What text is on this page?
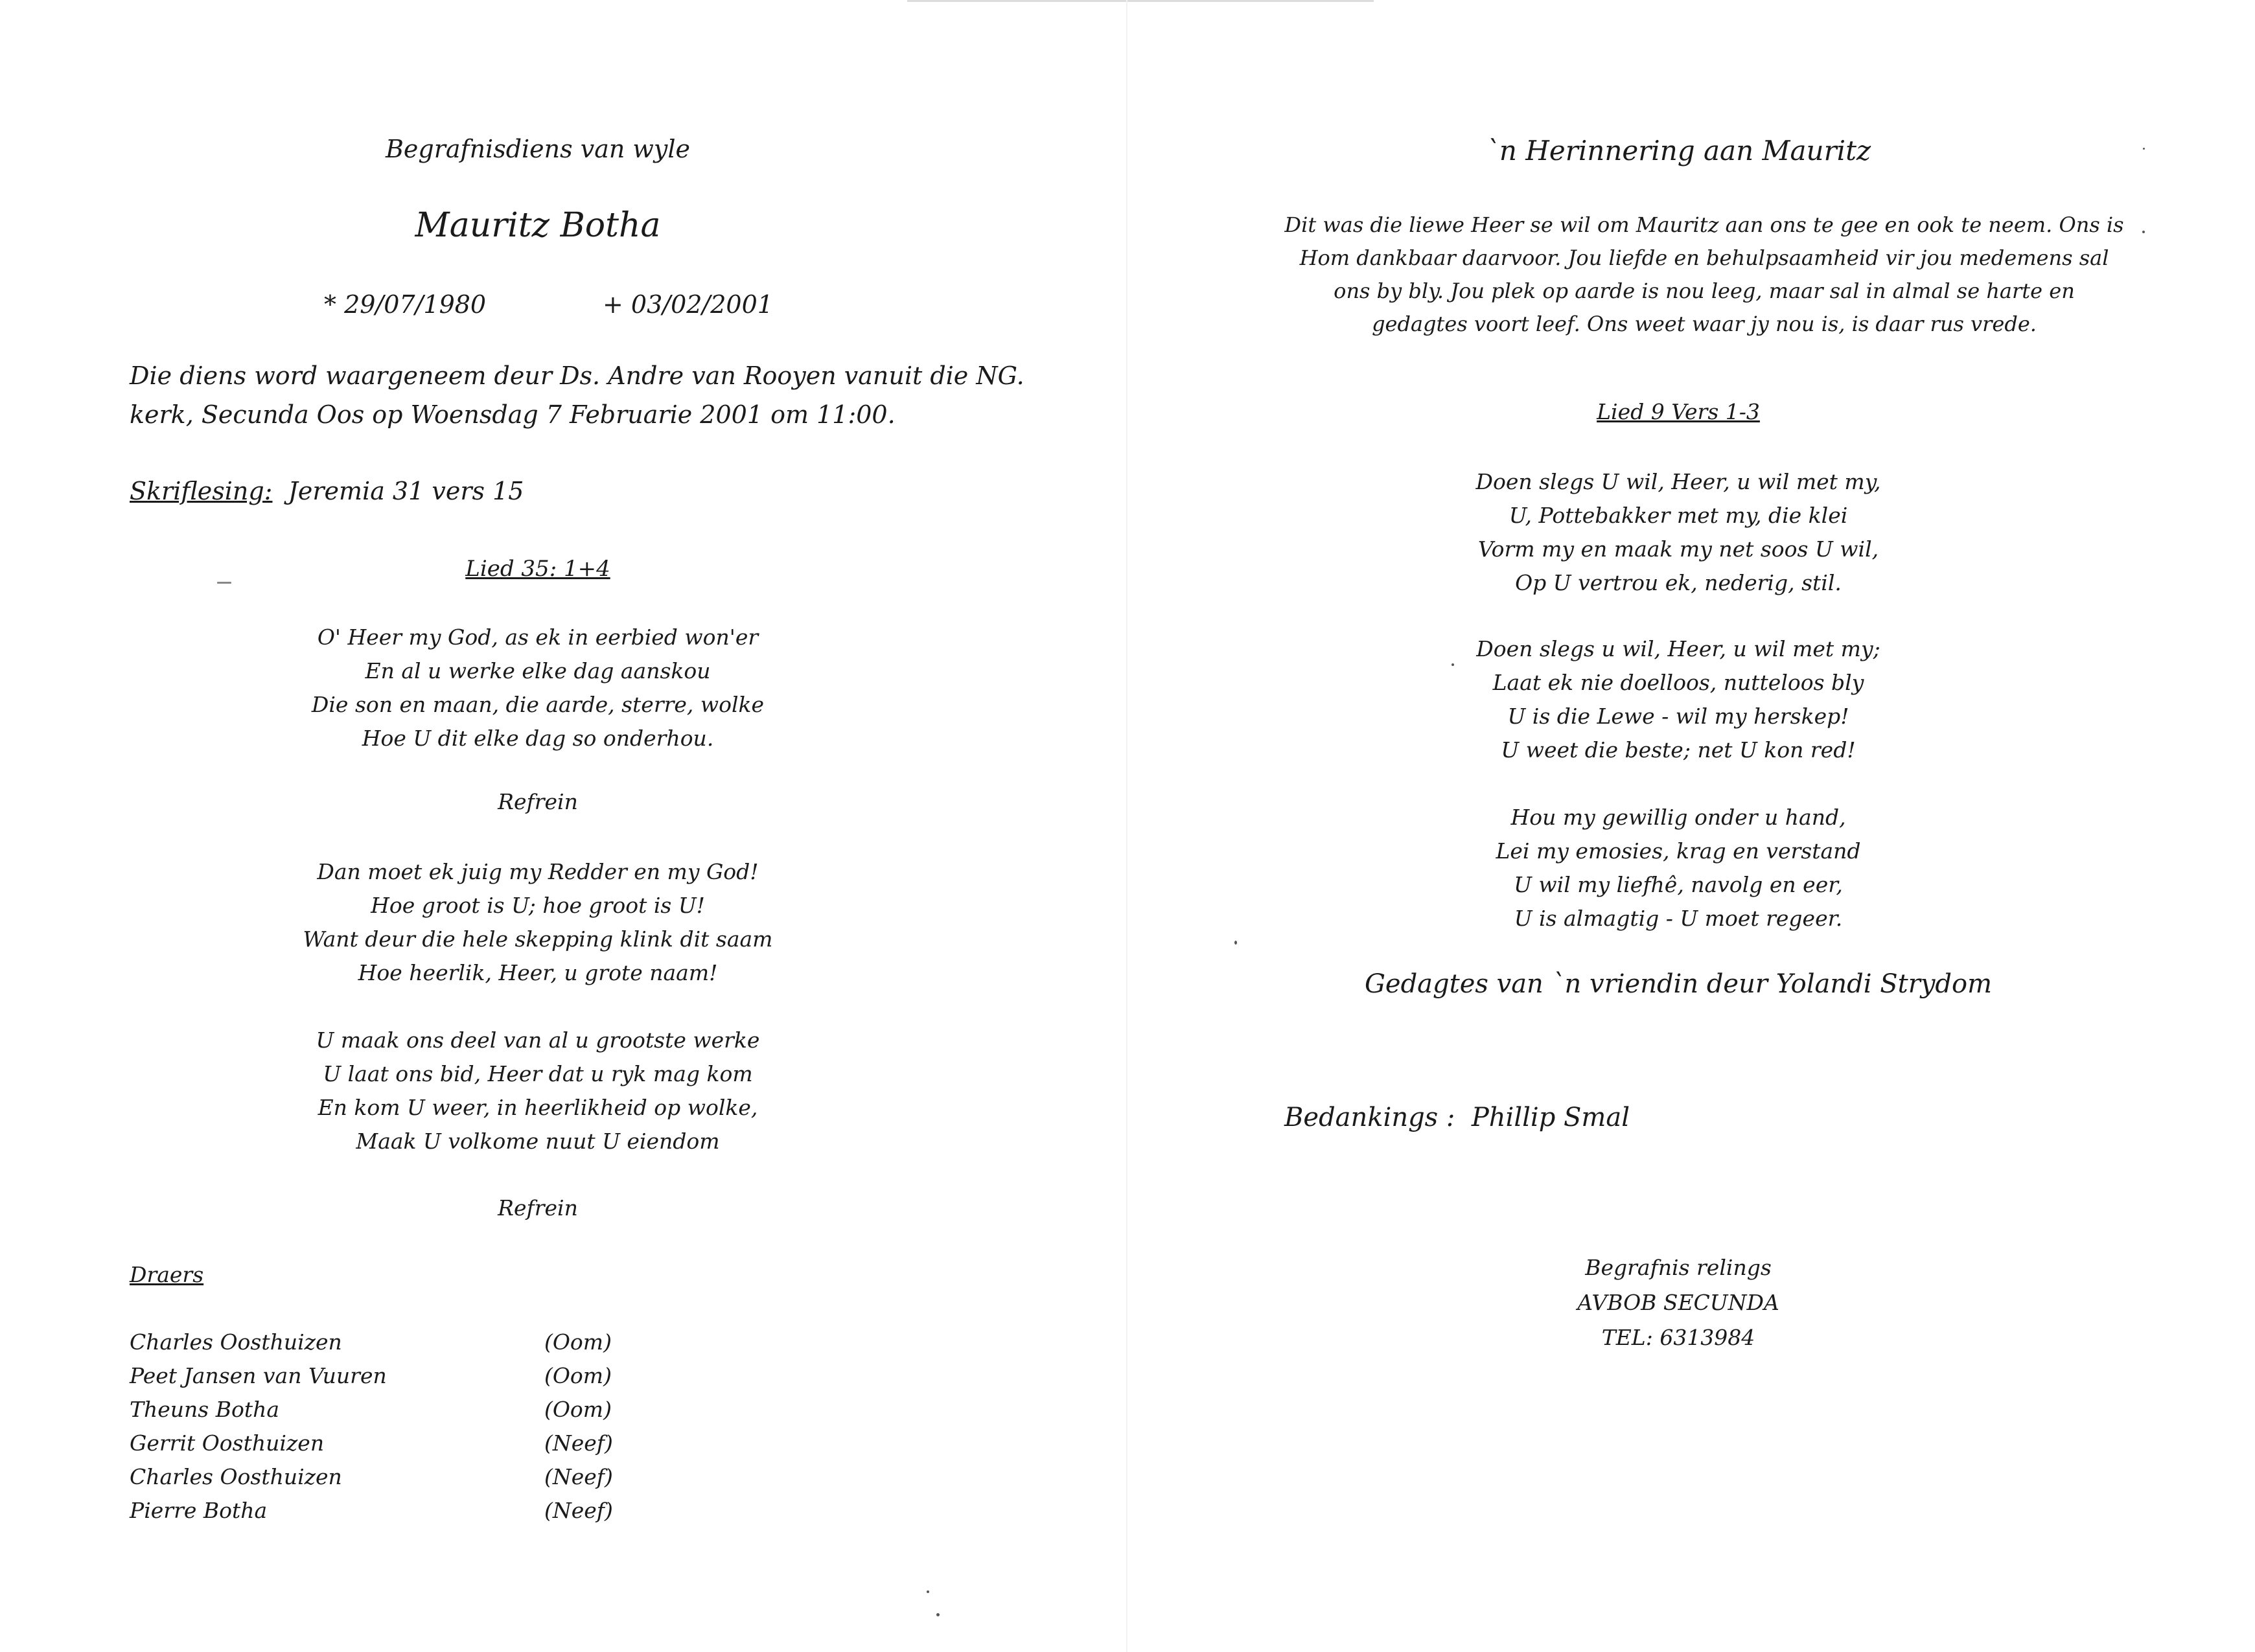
Begrafnisdiens van wyle
Mauritz Botha
* 29/07/1980	+ 03/02/2001
Die diens word waargeneem deur Ds. Andre van Rooyen vanuit die NG.
kerk, Secunda Oos op Woensdag 7 Februarie 2001 om 11:00.
Skriflesing: Jeremia 31 vers 15
Lied 35: 1+4
O' Heer my God, as ek in eerbied won'er
En al u werke elke dag aanskou
Die son en maan, die aarde, sterre, wolke
Hoe U dit elke dag so onderhou.
Refrein
Dan moet ek juig my Redder en my God!
Hoe groot is U; hoe groot is U!
Want deur die hele skepping klink dit saam
Hoe heerlik, Heer, u grote naam!
U maak ons deel van al u grootste werke
U laat ons bid, Heer dat u ryk mag kom
En kom U weer, in heerlikheid op wolke,
Maak U volkome nuut U eiendom
Refrein
Draers
Charles Oosthuizen	(Oom)
Peet Jansen van Vuuren	(Oom)
Theuns Botha	(Oom)
Gerrit Oosthuizen	(Neef)
Charles Oosthuizen	(Neef)
Pierre Botha	(Neef)
`n Herinnering aan Mauritz
Dit was die liewe Heer se wil om Mauritz aan ons te gee en ook te neem. Ons is Hom dankbaar daarvoor. Jou liefde en behulpsaamheid vir jou medemens sal ons by bly. Jou plek op aarde is nou leeg, maar sal in almal se harte en gedagtes voort leef. Ons weet waar jy nou is, is daar rus vrede.
Lied 9 Vers 1-3
Doen slegs U wil, Heer, u wil met my,
U, Pottebakker met my, die klei
Vorm my en maak my net soos U wil,
Op U vertrou ek, nederig, stil.
Doen slegs u wil, Heer, u wil met my;
Laat ek nie doelloos, nutteloos bly
U is die Lewe - wil my herskep!
U weet die beste; net U kon red!
Hou my gewillig onder u hand,
Lei my emosies, krag en verstand
U wil my liefhê, navolg en eer,
U is almagtig - U moet regeer.
Gedagtes van `n vriendin deur Yolandi Strydom
Bedankings : Phillip Smal
Begrafnis relings
AVBOB SECUNDA
TEL: 6313984
